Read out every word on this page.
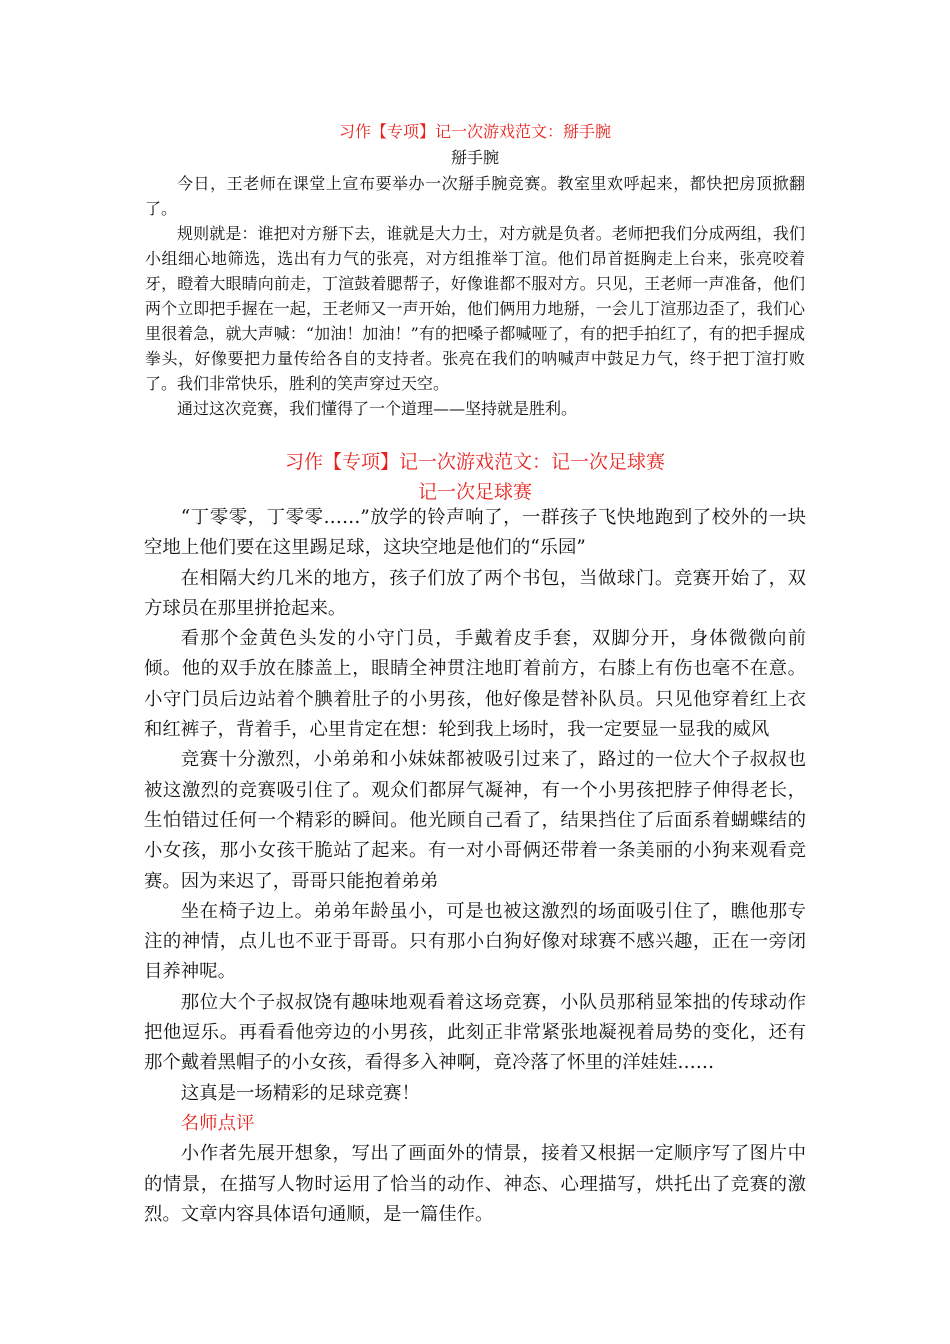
习作【专项】记一次游戏范文：掰手腕
掰手腕

今日，王老师在课堂上宣布要举办一次掰手腕竞赛。教室里欢呼起来，都快把房顶掀翻了。

规则就是：谁把对方掰下去，谁就是大力士，对方就是负者。老师把我们分成两组，我们小组细心地筛选，选出有力气的张亮，对方组推举丁渲。他们昂首挺胸走上台来，张亮咬着牙，瞪着大眼睛向前走，丁渲鼓着腮帮子，好像谁都不服对方。只见，王老师一声准备，他们两个立即把手握在一起，王老师又一声开始，他们俩用力地掰，一会儿丁渲那边歪了，我们心里很着急，就大声喊：“加油！加油！”有的把嗓子都喊哑了，有的把手拍红了，有的把手握成拳头，好像要把力量传给各自的支持者。张亮在我们的呐喊声中鼓足力气，终于把丁渲打败了。我们非常快乐，胜利的笑声穿过天空。

通过这次竞赛，我们懂得了一个道理——坚持就是胜利。

习作【专项】记一次游戏范文：记一次足球赛
记一次足球赛

“丁零零，丁零零……”放学的铃声响了，一群孩子飞快地跑到了校外的一块空地上他们要在这里踢足球，这块空地是他们的“乐园”

在相隔大约几米的地方，孩子们放了两个书包，当做球门。竞赛开始了，双方球员在那里拼抢起来。

看那个金黄色头发的小守门员，手戴着皮手套，双脚分开，身体微微向前倾。他的双手放在膝盖上，眼睛全神贯注地盯着前方，右膝上有伤也毫不在意。小守门员后边站着个腆着肚子的小男孩，他好像是替补队员。只见他穿着红上衣和红裤子，背着手，心里肯定在想：轮到我上场时，我一定要显一显我的威风

竞赛十分激烈，小弟弟和小妹妹都被吸引过来了，路过的一位大个子叔叔也被这激烈的竞赛吸引住了。观众们都屏气凝神，有一个小男孩把脖子伸得老长，生怕错过任何一个精彩的瞬间。他光顾自己看了，结果挡住了后面系着蝴蝶结的小女孩，那小女孩干脆站了起来。有一对小哥俩还带着一条美丽的小狗来观看竞赛。因为来迟了，哥哥只能抱着弟弟

坐在椅子边上。弟弟年龄虽小，可是也被这激烈的场面吸引住了，瞧他那专注的神情，点儿也不亚于哥哥。只有那小白狗好像对球赛不感兴趣，正在一旁闭目养神呢。

那位大个子叔叔饶有趣味地观看着这场竞赛，小队员那稍显笨拙的传球动作把他逗乐。再看看他旁边的小男孩，此刻正非常紧张地凝视着局势的变化，还有那个戴着黑帽子的小女孩，看得多入神啊，竟冷落了怀里的洋娃娃……

这真是一场精彩的足球竞赛！

名师点评

小作者先展开想象，写出了画面外的情景，接着又根据一定顺序写了图片中的情景，在描写人物时运用了恰当的动作、神态、心理描写，烘托出了竞赛的激烈。文章内容具体语句通顺，是一篇佳作。
